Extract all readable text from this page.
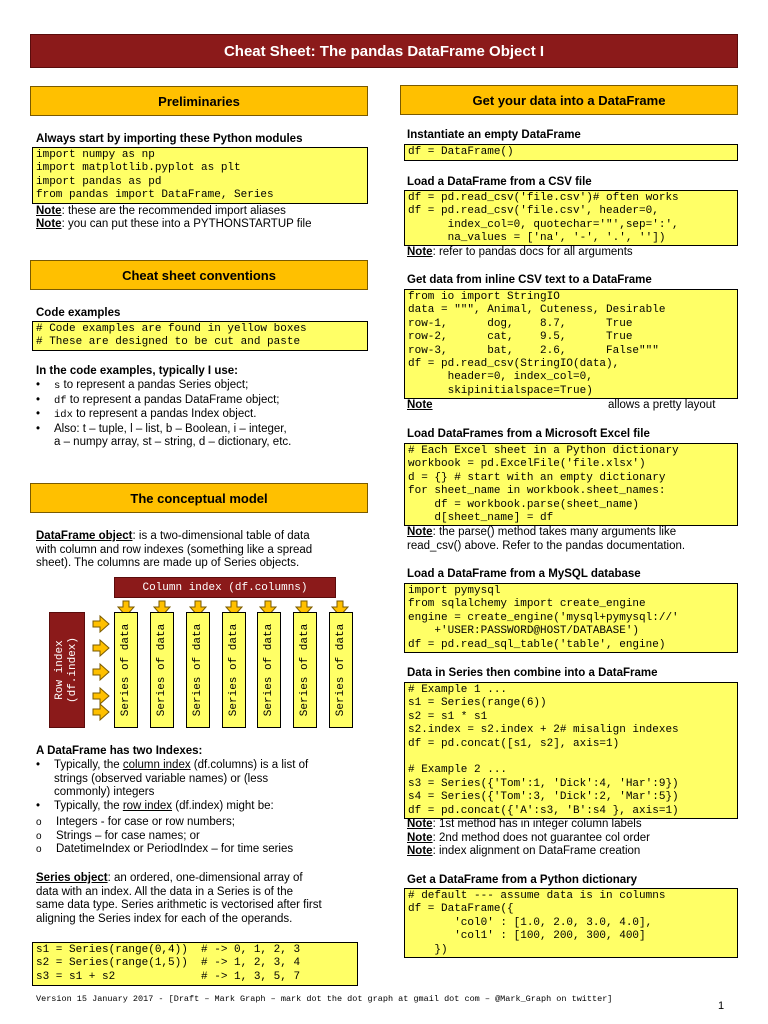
Cheat Sheet: The pandas DataFrame Object I
Preliminaries
Always start by importing these Python modules
import numpy as np
import matplotlib.pyplot as plt
import pandas as pd
from pandas import DataFrame, Series
Note: these are the recommended import aliases
Note: you can put these into a PYTHONSTARTUP file
Cheat sheet conventions
Code examples
# Code examples are found in yellow boxes
# These are designed to be cut and paste
In the code examples, typically I use:
• s to represent a pandas Series object;
• df to represent a pandas DataFrame object;
• idx to represent a pandas Index object.
• Also: t – tuple, l – list, b – Boolean, i – integer,
a – numpy array, st – string, d – dictionary, etc.
The conceptual model
DataFrame object: is a two-dimensional table of data
with column and row indexes (something like a spread
sheet). The columns are made up of Series objects.
Column index (df.columns)
Row index
(df.index)	Series of data Series of data Series of data Series of data Series of data Series of data Series of data
A DataFrame has two Indexes:
• Typically, the column index (df.columns) is a list of
strings (observed variable names) or (less
commonly) integers
• Typically, the row index (df.index) might be:
o Integers - for case or row numbers;
o Strings – for case names; or
o DatetimeIndex or PeriodIndex – for time series
Series object: an ordered, one-dimensional array of
data with an index. All the data in a Series is of the
same data type. Series arithmetic is vectorised after first
aligning the Series index for each of the operands.
s1 = Series(range(0,4))  # -> 0, 1, 2, 3
s2 = Series(range(1,5))  # -> 1, 2, 3, 4
s3 = s1 + s2             # -> 1, 3, 5, 7
Get your data into a DataFrame
Instantiate an empty DataFrame
df = DataFrame()
Load a DataFrame from a CSV file
df = pd.read_csv('file.csv')# often works
df = pd.read_csv('file.csv', header=0,
index_col=0, quotechar='"',sep=':',
na_values = ['na', '-', '.', ''])
Note: refer to pandas docs for all arguments
Get data from inline CSV text to a DataFrame
from io import StringIO
data = """, Animal, Cuteness, Desirable
row-1,      dog,    8.7,      True
row-2,      cat,    9.5,      True
row-3,      bat,    2.6,      False"""
df = pd.read_csv(StringIO(data),
header=0, index_col=0,
skipinitialspace=True)
Note	allows a pretty layout
Load DataFrames from a Microsoft Excel file
# Each Excel sheet in a Python dictionary
workbook = pd.ExcelFile('file.xlsx')
d = {} # start with an empty dictionary
for sheet_name in workbook.sheet_names:
df = workbook.parse(sheet_name)
d[sheet_name] = df
Note: the parse() method takes many arguments like
read_csv() above. Refer to the pandas documentation.
Load a DataFrame from a MySQL database
import pymysql
from sqlalchemy import create_engine
engine = create_engine('mysql+pymysql://'
+'USER:PASSWORD@HOST/DATABASE')
df = pd.read_sql_table('table', engine)
Data in Series then combine into a DataFrame
# Example 1 ...
s1 = Series(range(6))
s2 = s1 * s1
s2.index = s2.index + 2# misalign indexes
df = pd.concat([s1, s2], axis=1)

# Example 2 ...
s3 = Series({'Tom':1, 'Dick':4, 'Har':9})
s4 = Series({'Tom':3, 'Dick':2, 'Mar':5})
df = pd.concat({'A':s3, 'B':s4 }, axis=1)
Note: 1st method has in integer column labels
Note: 2nd method does not guarantee col order
Note: index alignment on DataFrame creation
Get a DataFrame from a Python dictionary
# default --- assume data is in columns
df = DataFrame({
'col0' : [1.0, 2.0, 3.0, 4.0],
'col1' : [100, 200, 300, 400]
})
Version 15 January 2017 - [Draft – Mark Graph – mark dot the dot graph at gmail dot com – @Mark_Graph on twitter]
1
